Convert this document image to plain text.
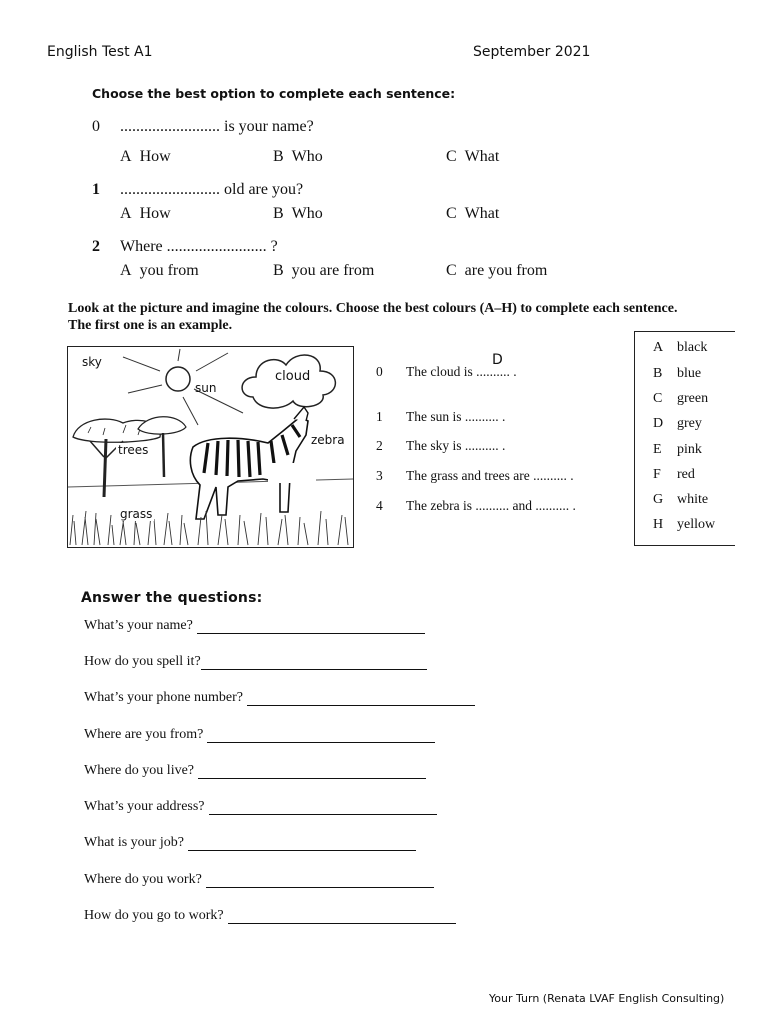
English Test A1	September 2021
Choose the best option to complete each sentence:
0 ......................... is your name?
A How	B Who	C What
1 ......................... old are you?
A How	B Who	C What
2 Where ......................... ?
A you from	B you are from	C are you from
Look at the picture and imagine the colours. Choose the best colours (A–H) to complete each sentence.
The first one is an example.
sky
sun
cloud
trees
zebra
grass
0 The cloud is .......... .
D
1 The sun is .......... .
2 The sky is .......... .
3 The grass and trees are .......... .
4 The zebra is .......... and .......... .
A black
B blue
C green
D grey
E pink
F red
G white
H yellow
Answer the questions:
What’s your name?
How do you spell it?
What’s your phone number?
Where are you from?
Where do you live?
What’s your address?
What is your job?
Where do you work?
How do you go to work?
Your Turn (Renata LVAF English Consulting)
